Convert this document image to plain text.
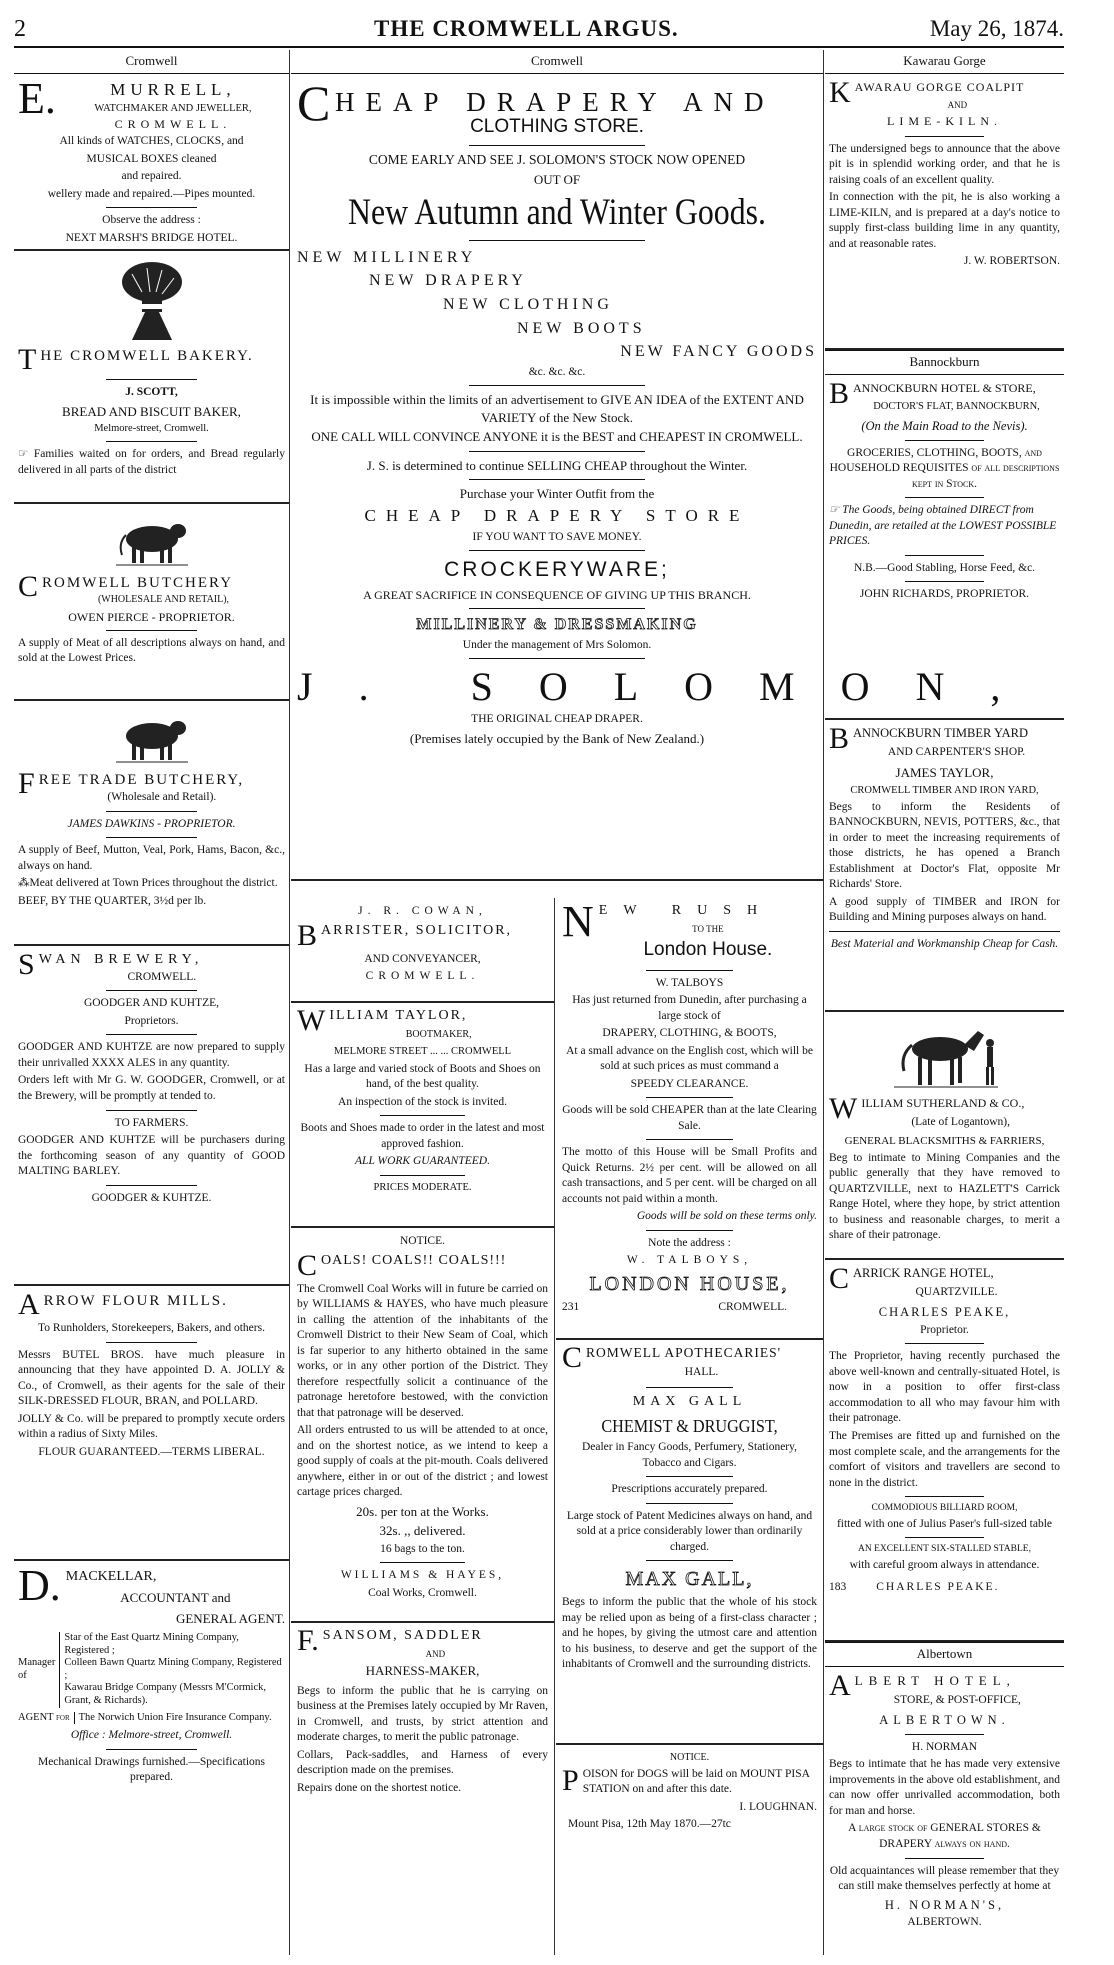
2	THE CROMWELL ARGUS.	May 26, 1874.
Cromwell
E.	MURRELL,
WATCHMAKER AND JEWELLER,
CROMWELL.

All kinds of WATCHES, CLOCKS, and

MUSICAL BOXES cleaned

and repaired.

wellery made and repaired.—Pipes mounted.

Observe the address :

NEXT MARSH'S BRIDGE HOTEL.

THE CROMWELL BAKERY.

J. SCOTT,

BREAD AND BISCUIT BAKER,

Melmore-street, Cromwell.

☞ Families waited on for orders, and Bread regularly delivered in all parts of the district

CROMWELL BUTCHERY
(WHOLESALE AND RETAIL),

OWEN PIERCE - PROPRIETOR.

A supply of Meat of all descriptions always on hand, and sold at the Lowest Prices.

FREE TRADE BUTCHERY,
(Wholesale and Retail).

JAMES DAWKINS - PROPRIETOR.

A supply of Beef, Mutton, Veal, Pork, Hams, Bacon, &c., always on hand.

⁂Meat delivered at Town Prices throughout the district.

BEEF, BY THE QUARTER, 3½d per lb.

SWAN BREWERY,
CROMWELL.

GOODGER AND KUHTZE,

Proprietors.

GOODGER AND KUHTZE are now prepared to supply their unrivalled XXXX ALES in any quantity.

Orders left with Mr G. W. GOODGER, Cromwell, or at the Brewery, will be promptly at tended to.

TO FARMERS.

GOODGER AND KUHTZE will be purchasers during the forthcoming season of any quantity of GOOD MALTING BARLEY.

GOODGER & KUHTZE.

ARROW FLOUR MILLS.

To Runholders, Storekeepers, Bakers, and others.

Messrs BUTEL BROS. have much pleasure in announcing that they have appointed D. A. JOLLY & Co., of Cromwell, as their agents for the sale of their SILK-DRESSED FLOUR, BRAN, and POLLARD.

JOLLY & Co. will be prepared to promptly xecute orders within a radius of Sixty Miles.

FLOUR GUARANTEED.—TERMS LIBERAL.

D. MACKELLAR,

ACCOUNTANT and

GENERAL AGENT.

Manager of
Star of the East Quartz Mining Company, Registered ;
Colleen Bawn Quartz Mining Company, Registered ;
Kawarau Bridge Company (Messrs M'Cormick, Grant, & Richards).
AGENT for The Norwich Union Fire Insurance Company.

Office : Melmore-street, Cromwell.

Mechanical Drawings furnished.—Specifications prepared.

Cromwell
C HEAP DRAPERY AND
CLOTHING STORE.

COME EARLY AND SEE J. SOLOMON'S STOCK NOW OPENED

OUT OF

New Autumn and Winter Goods.

NEW MILLINERY

NEW DRAPERY

NEW CLOTHING

NEW BOOTS

NEW FANCY GOODS

&c. &c. &c.

It is impossible within the limits of an advertisement to GIVE AN IDEA of the EXTENT AND VARIETY of the New Stock.

ONE CALL WILL CONVINCE ANYONE it is the BEST and CHEAPEST IN CROMWELL.

J. S. is determined to continue SELLING CHEAP throughout the Winter.

Purchase your Winter Outfit from the

CHEAP DRAPERY STORE

IF YOU WANT TO SAVE MONEY.

CROCKERYWARE;

A GREAT SACRIFICE IN CONSEQUENCE OF GIVING UP THIS BRANCH.

MILLINERY & DRESSMAKING

Under the management of Mrs Solomon.

J. SOLOMON,

THE ORIGINAL CHEAP DRAPER.

(Premises lately occupied by the Bank of New Zealand.)

J. R. COWAN,

BARRISTER, SOLICITOR,

AND CONVEYANCER,

CROMWELL.

WILLIAM TAYLOR,

BOOTMAKER,

MELMORE STREET ... ... CROMWELL

Has a large and varied stock of Boots and Shoes on hand, of the best quality.

An inspection of the stock is invited.

Boots and Shoes made to order in the latest and most approved fashion.

ALL WORK GUARANTEED.

PRICES MODERATE.

NOTICE.

COALS! COALS!! COALS!!!

The Cromwell Coal Works will in future be carried on by WILLIAMS & HAYES, who have much pleasure in calling the attention of the inhabitants of the Cromwell District to their New Seam of Coal, which is far superior to any hitherto obtained in the same works, or in any other portion of the District. They therefore respectfully solicit a continuance of the patronage heretofore bestowed, with the conviction that that patronage will be deserved.

All orders entrusted to us will be attended to at once, and on the shortest notice, as we intend to keep a good supply of coals at the pit-mouth. Coals delivered anywhere, either in or out of the district ; and lowest cartage prices charged.

20s. per ton at the Works.

32s. ,, delivered.

16 bags to the ton.

WILLIAMS & HAYES,

Coal Works, Cromwell.

F. SANSOM, SADDLER

AND

HARNESS-MAKER,

Begs to inform the public that he is carrying on business at the Premises lately occupied by Mr Raven, in Cromwell, and trusts, by strict attention and moderate charges, to merit the public patronage.

Collars, Pack-saddles, and Harness of every description made on the premises.

Repairs done on the shortest notice.

NEW RUSH

TO THE

London House.

W. TALBOYS

Has just returned from Dunedin, after purchasing a large stock of

DRAPERY, CLOTHING, & BOOTS,

At a small advance on the English cost, which will be sold at such prices as must command a

SPEEDY CLEARANCE.

Goods will be sold CHEAPER than at the late Clearing Sale.

The motto of this House will be Small Profits and Quick Returns. 2½ per cent. will be allowed on all cash transactions, and 5 per cent. will be charged on all accounts not paid within a month.

Goods will be sold on these terms only.

Note the address :

W. TALBOYS,

LONDON HOUSE,

231	CROMWELL.
CROMWELL APOTHECARIES'

HALL.

MAX GALL

CHEMIST & DRUGGIST,

Dealer in Fancy Goods, Perfumery, Stationery, Tobacco and Cigars.

Prescriptions accurately prepared.

Large stock of Patent Medicines always on hand, and sold at a price considerably lower than ordinarily charged.

MAX GALL,

Begs to inform the public that the whole of his stock may be relied upon as being of a first-class character ; and he hopes, by giving the utmost care and attention to his business, to deserve and get the support of the inhabitants of Cromwell and the surrounding districts.

NOTICE.

POISON for DOGS will be laid on MOUNT PISA STATION on and after this date.

I. LOUGHNAN.

Mount Pisa, 12th May 1870.—27tc

Kawarau Gorge
KAWARAU GORGE COALPIT

AND

LIME-KILN.

The undersigned begs to announce that the above pit is in splendid working order, and that he is raising coals of an excellent quality.

In connection with the pit, he is also working a LIME-KILN, and is prepared at a day's notice to supply first-class building lime in any quantity, and at reasonable rates.

J. W. ROBERTSON.

Bannockburn
BANNOCKBURN HOTEL & STORE,

DOCTOR'S FLAT, BANNOCKBURN,

(On the Main Road to the Nevis).

GROCERIES, CLOTHING, BOOTS, and HOUSEHOLD REQUISITES of all descriptions kept in Stock.

☞ The Goods, being obtained DIRECT from Dunedin, are retailed at the LOWEST POSSIBLE PRICES.

N.B.—Good Stabling, Horse Feed, &c.

JOHN RICHARDS, PROPRIETOR.

BANNOCKBURN TIMBER YARD

AND CARPENTER'S SHOP.

JAMES TAYLOR,

CROMWELL TIMBER AND IRON YARD,

Begs to inform the Residents of BANNOCKBURN, NEVIS, POTTERS, &c., that in order to meet the increasing requirements of those districts, he has opened a Branch Establishment at Doctor's Flat, opposite Mr Richards' Store.

A good supply of TIMBER and IRON for Building and Mining purposes always on hand.

Best Material and Workmanship Cheap for Cash.

WILLIAM SUTHERLAND & CO.,

(Late of Logantown),

GENERAL BLACKSMITHS & FARRIERS,

Beg to intimate to Mining Companies and the public generally that they have removed to QUARTZVILLE, next to HAZLETT'S Carrick Range Hotel, where they hope, by strict attention to business and reasonable charges, to merit a share of their patronage.

CARRICK RANGE HOTEL,

QUARTZVILLE.

CHARLES PEAKE,

Proprietor.

The Proprietor, having recently purchased the above well-known and centrally-situated Hotel, is now in a position to offer first-class accommodation to all who may favour him with their patronage.

The Premises are fitted up and furnished on the most complete scale, and the arrangements for the comfort of visitors and travellers are second to none in the district.

COMMODIOUS BILLIARD ROOM,

fitted with one of Julius Paser's full-sized table

AN EXCELLENT SIX-STALLED STABLE,

with careful groom always in attendance.

183	CHARLES PEAKE.
Albertown
ALBERT HOTEL,

STORE, & POST-OFFICE,

ALBERTOWN.

H. NORMAN

Begs to intimate that he has made very extensive improvements in the above old establishment, and can now offer unrivalled accommodation, both for man and horse.

A large stock of GENERAL STORES & DRAPERY always on hand.

Old acquaintances will please remember that they can still make themselves perfectly at home at

H. NORMAN'S,

ALBERTOWN.
